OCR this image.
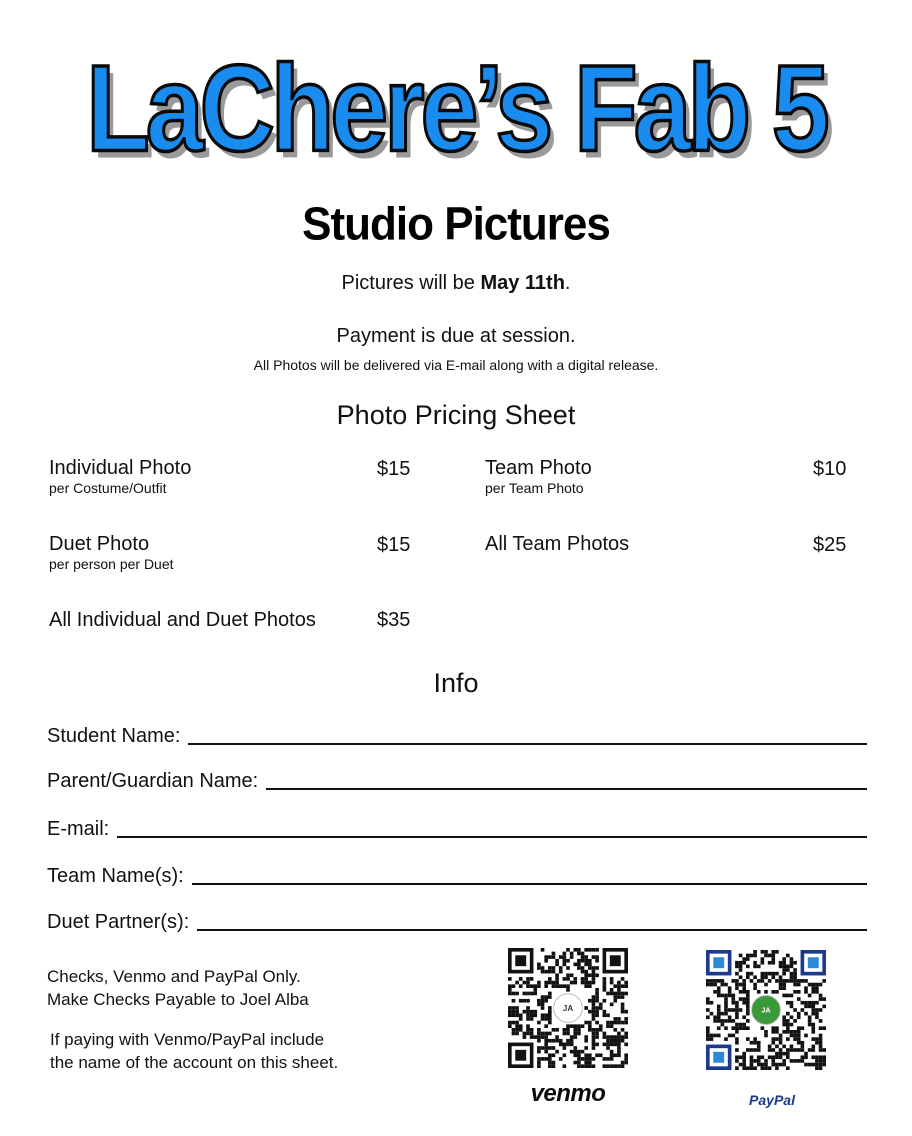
LaChere’s Fab 5
Studio Pictures
Pictures will be May 11th.
Payment is due at session.
All Photos will be delivered via E-mail along with a digital release.
Photo Pricing Sheet
Individual Photo
per Costume/Outfit
$15
Duet Photo
per person per Duet
$15
All Individual and Duet Photos	$35
Team Photo
per Team Photo
$10
All Team Photos	$25
Info
Student Name:
Parent/Guardian Name:
E-mail:
Team Name(s):
Duet Partner(s):
Checks, Venmo and PayPal Only.
Make Checks Payable to Joel Alba
If paying with Venmo/PayPal include
the name of the account on this sheet.
JA
venmo
JA
PayPal
